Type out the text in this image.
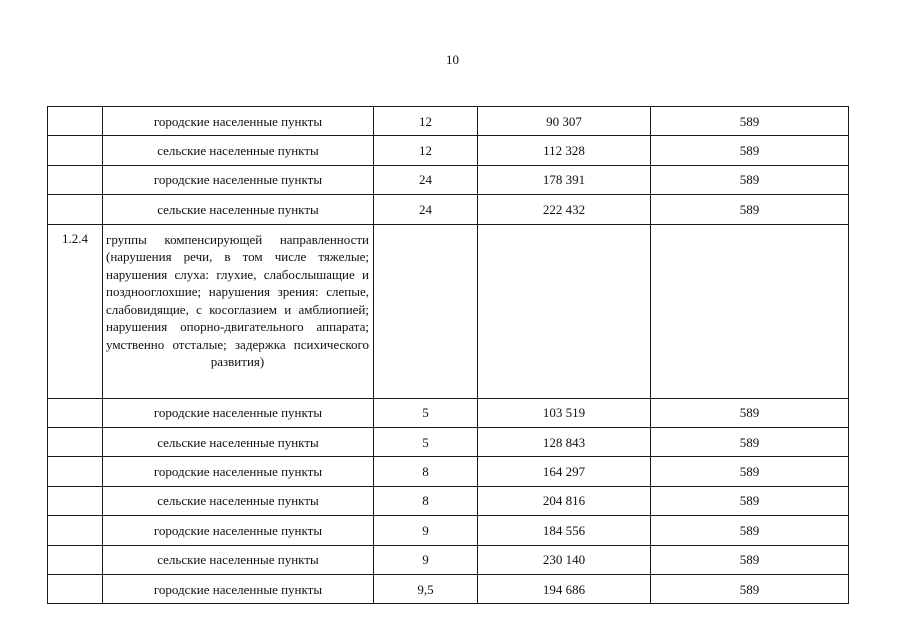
10
	городские населенные пункты	12	90 307	589
	сельские населенные пункты	12	112 328	589
	городские населенные пункты	24	178 391	589
	сельские населенные пункты	24	222 432	589
1.2.4	группы компенсирующей направленности (нарушения речи, в том числе тяжелые; нарушения слуха: глухие, слабослышащие и позднооглохшие; нарушения зрения: слепые, слабовидящие, с косоглазием и амблиопией; нарушения опорно-двигательного аппарата; умственно отсталые; задержка психического развития)			
	городские населенные пункты	5	103 519	589
	сельские населенные пункты	5	128 843	589
	городские населенные пункты	8	164 297	589
	сельские населенные пункты	8	204 816	589
	городские населенные пункты	9	184 556	589
	сельские населенные пункты	9	230 140	589
	городские населенные пункты	9,5	194 686	589
